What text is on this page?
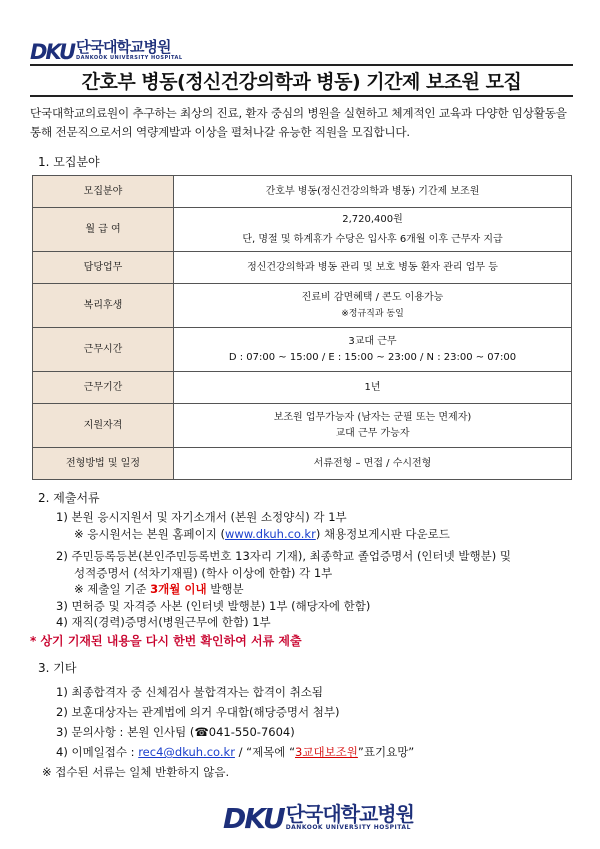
DKU 단국대학교병원
DANKOOK UNIVERSITY HOSPITAL
간호부 병동(정신건강의학과 병동) 기간제 보조원 모집
단국대학교의료원이 추구하는 최상의 진료, 환자 중심의 병원을 실현하고 체계적인 교육과 다양한 임상활동을 통해 전문직으로서의 역량계발과 이상을 펼쳐나갈 유능한 직원을 모집합니다.
1. 모집분야
모집분야	간호부 병동(정신건강의학과 병동) 기간제 보조원

월 급 여	2,720,400원
단, 명절 및 하계휴가 수당은 입사후 6개월 이후 근무자 지급

담당업무	정신건강의학과 병동 관리 및 보호 병동 환자 관리 업무 등

복리후생	진료비 감면혜택 / 콘도 이용가능
※정규직과 동일

근무시간	3교대 근무
D : 07:00 ~ 15:00 / E : 15:00 ~ 23:00 / N : 23:00 ~ 07:00

근무기간	1년

지원자격	보조원 업무가능자 (남자는 군필 또는 면제자)
교대 근무 가능자

전형방법 및 일정	서류전형 – 면접 / 수시전형
2. 제출서류
1) 본원 응시지원서 및 자기소개서 (본원 소정양식) 각 1부
※ 응시원서는 본원 홈페이지 (www.dkuh.co.kr) 채용정보게시판 다운로드
2) 주민등록등본(본인주민등록번호 13자리 기재), 최종학교 졸업증명서 (인터넷 발행분) 및
성적증명서 (석차기재필) (학사 이상에 한함) 각 1부
※ 제출일 기준 3개월 이내 발행분
3) 면허증 및 자격증 사본 (인터넷 발행분) 1부 (해당자에 한함)
4) 재직(경력)증명서(병원근무에 한함) 1부
* 상기 기재된 내용을 다시 한번 확인하여 서류 제출
3. 기타
1) 최종합격자 중 신체검사 불합격자는 합격이 취소됨
2) 보훈대상자는 관계법에 의거 우대함(해당증명서 첨부)
3) 문의사항 : 본원 인사팀 (☎041-550-7604)
4) 이메일접수 : rec4@dkuh.co.kr / “제목에 “3교대보조원”표기요망”
※ 접수된 서류는 일체 반환하지 않음.
DKU 단국대학교병원
DANKOOK UNIVERSITY HOSPITAL
